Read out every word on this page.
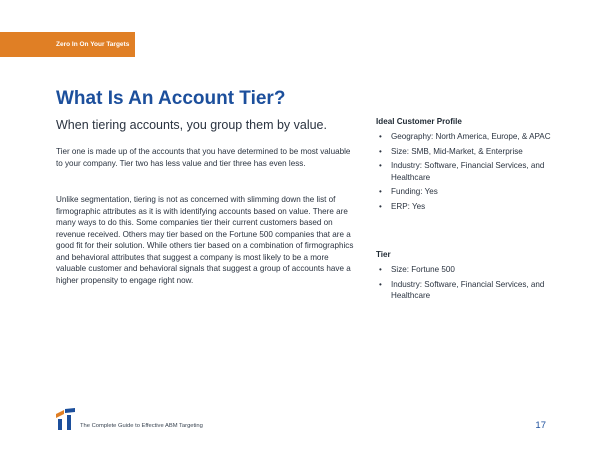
Zero In On Your Targets
What Is An Account Tier?

When tiering accounts, you group them by value.

Tier one is made up of the accounts that you have determined to be most valuable to your company. Tier two has less value and tier three has even less.

Unlike segmentation, tiering is not as concerned with slimming down the list of firmographic attributes as it is with identifying accounts based on value. There are many ways to do this. Some companies tier their current customers based on revenue received. Others may tier based on the Fortune 500 companies that are a good fit for their solution. While others tier based on a combination of firmographics and behavioral attributes that suggest a company is most likely to be a more valuable customer and behavioral signals that suggest a group of accounts have a higher propensity to engage right now.

Ideal Customer Profile

• Geography: North America, Europe, & APAC
• Size: SMB, Mid-Market, & Enterprise
• Industry: Software, Financial Services, and Healthcare
• Funding: Yes
• ERP: Yes

Tier

• Size: Fortune 500
• Industry: Software, Financial Services, and Healthcare
The Complete Guide to Effective ABM Targeting	17
